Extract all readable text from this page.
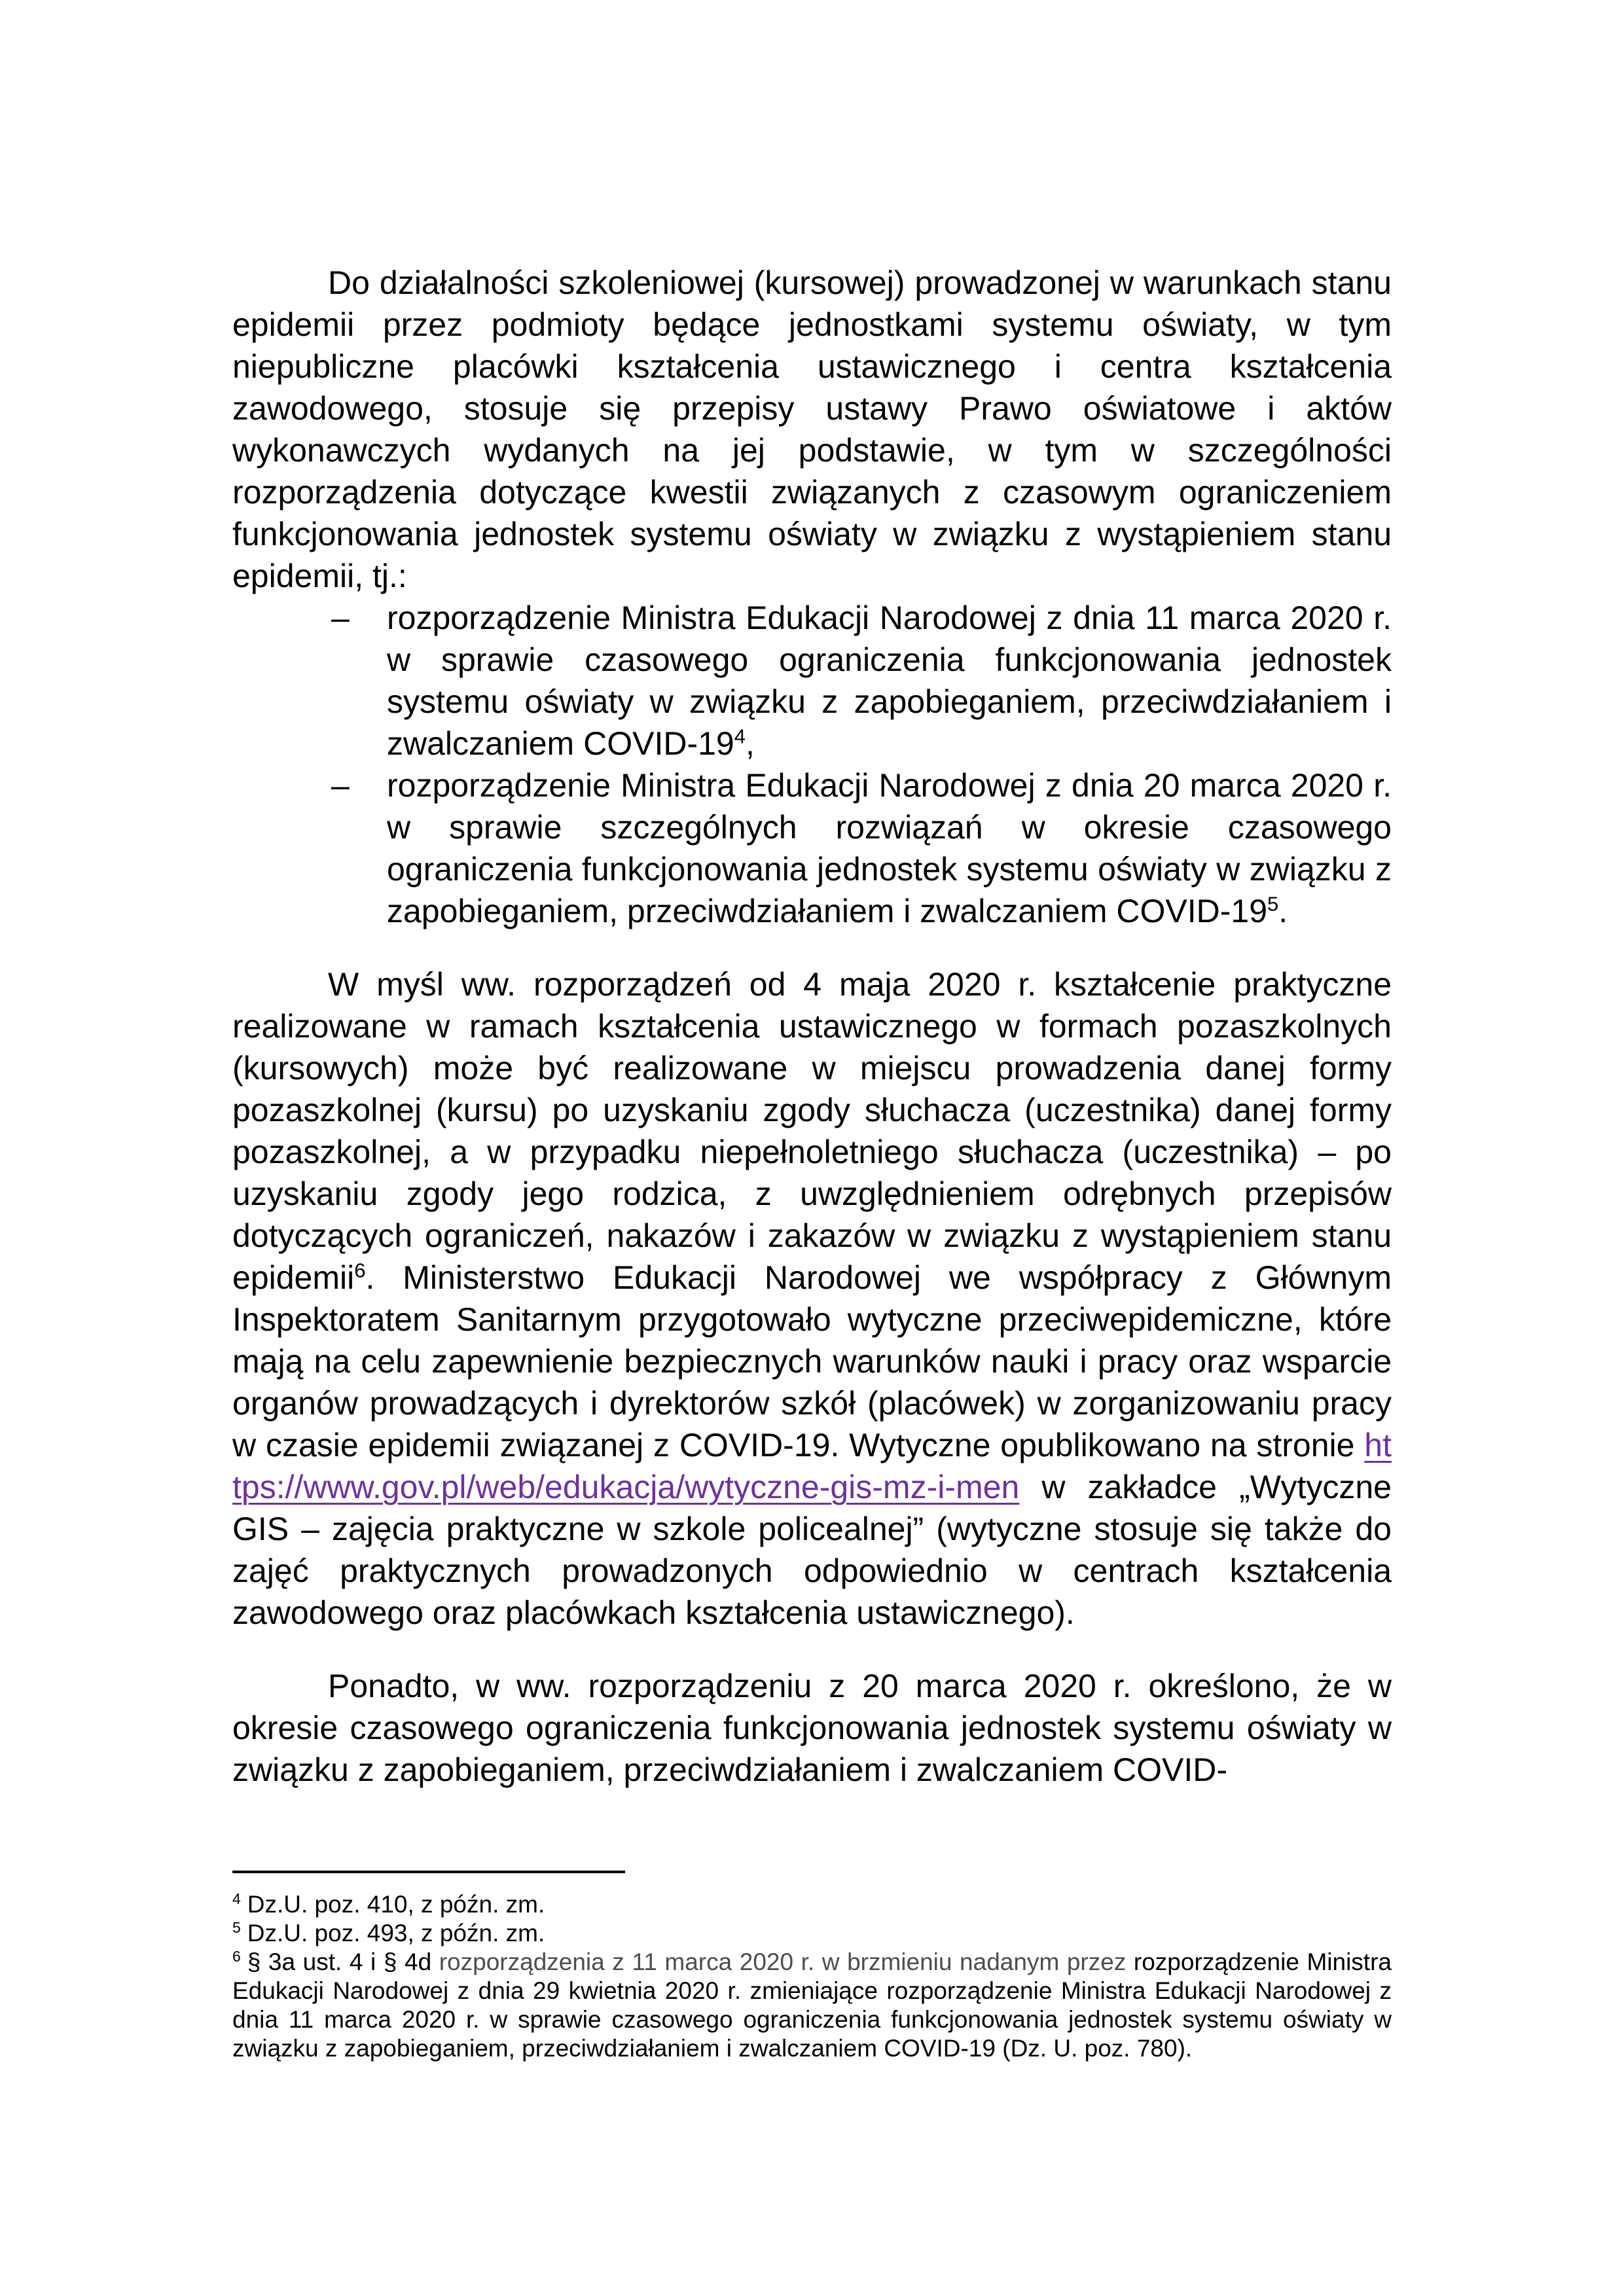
Do działalności szkoleniowej (kursowej) prowadzonej w warunkach stanu epidemii przez podmioty będące jednostkami systemu oświaty, w tym niepubliczne placówki kształcenia ustawicznego i centra kształcenia zawodowego, stosuje się przepisy ustawy Prawo oświatowe i aktów wykonawczych wydanych na jej podstawie, w tym w szczególności rozporządzenia dotyczące kwestii związanych z czasowym ograniczeniem funkcjonowania jednostek systemu oświaty w związku z wystąpieniem stanu epidemii, tj.:

– rozporządzenie Ministra Edukacji Narodowej z dnia 11 marca 2020 r. w sprawie czasowego ograniczenia funkcjonowania jednostek systemu oświaty w związku z zapobieganiem, przeciwdziałaniem i zwalczaniem COVID-19$^4$,
– rozporządzenie Ministra Edukacji Narodowej z dnia 20 marca 2020 r. w sprawie szczególnych rozwiązań w okresie czasowego ograniczenia funkcjonowania jednostek systemu oświaty w związku z zapobieganiem, przeciwdziałaniem i zwalczaniem COVID-19$^5$.

W myśl ww. rozporządzeń od 4 maja 2020 r. kształcenie praktyczne realizowane w ramach kształcenia ustawicznego w formach pozaszkolnych (kursowych) może być realizowane w miejscu prowadzenia danej formy pozaszkolnej (kursu) po uzyskaniu zgody słuchacza (uczestnika) danej formy pozaszkolnej, a w przypadku niepełnoletniego słuchacza (uczestnika) – po uzyskaniu zgody jego rodzica, z uwzględnieniem odrębnych przepisów dotyczących ograniczeń, nakazów i zakazów w związku z wystąpieniem stanu epidemii$^6$. Ministerstwo Edukacji Narodowej we współpracy z Głównym Inspektoratem Sanitarnym przygotowało wytyczne przeciwepidemiczne, które mają na celu zapewnienie bezpiecznych warunków nauki i pracy oraz wsparcie organów prowadzących i dyrektorów szkół (placówek) w zorganizowaniu pracy w czasie epidemii związanej z COVID-19. Wytyczne opublikowano na stronie https://www.gov.pl/web/edukacja/wytyczne-gis-mz-i-men w zakładce „Wytyczne GIS – zajęcia praktyczne w szkole policealnej” (wytyczne stosuje się także do zajęć praktycznych prowadzonych odpowiednio w centrach kształcenia zawodowego oraz placówkach kształcenia ustawicznego).

Ponadto, w ww. rozporządzeniu z 20 marca 2020 r. określono, że w okresie czasowego ograniczenia funkcjonowania jednostek systemu oświaty w związku z zapobieganiem, przeciwdziałaniem i zwalczaniem COVID-

$^4$ Dz.U. poz. 410, z późn. zm.
$^5$ Dz.U. poz. 493, z późn. zm.
$^6$ § 3a ust. 4 i § 4d rozporządzenia z 11 marca 2020 r. w brzmieniu nadanym przez rozporządzenie Ministra Edukacji Narodowej z dnia 29 kwietnia 2020 r. zmieniające rozporządzenie Ministra Edukacji Narodowej z dnia 11 marca 2020 r. w sprawie czasowego ograniczenia funkcjonowania jednostek systemu oświaty w związku z zapobieganiem, przeciwdziałaniem i zwalczaniem COVID-19 (Dz. U. poz. 780).
